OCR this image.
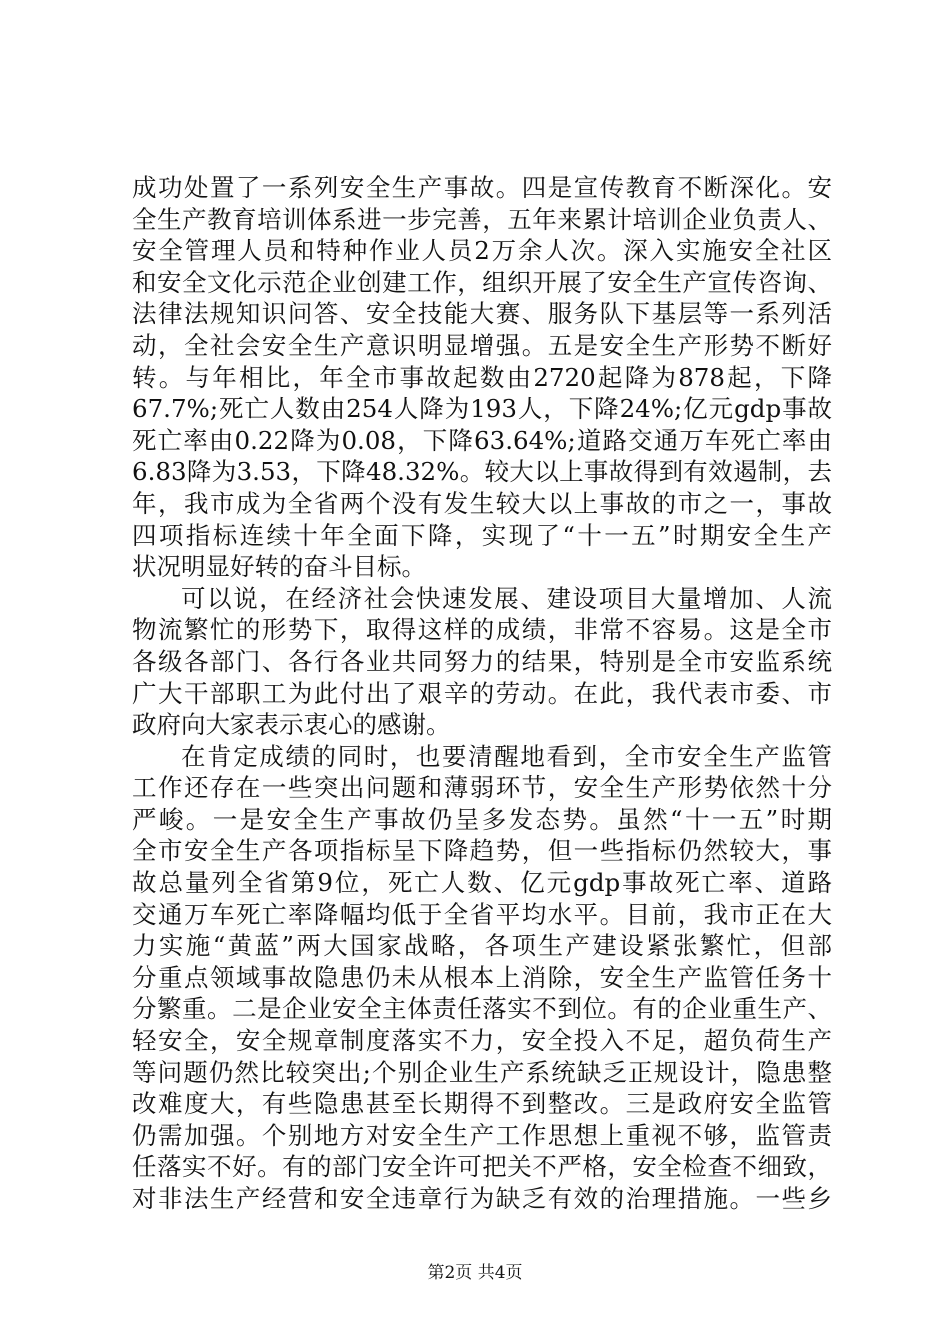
成功处置了一系列安全生产事故。四是宣传教育不断深化。安
全生产教育培训体系进一步完善，五年来累计培训企业负责人、
安全管理人员和特种作业人员2万余人次。深入实施安全社区
和安全文化示范企业创建工作，组织开展了安全生产宣传咨询、
法律法规知识问答、安全技能大赛、服务队下基层等一系列活
动，全社会安全生产意识明显增强。五是安全生产形势不断好
转。与年相比，年全市事故起数由2720起降为878起，下降
67.7%;死亡人数由254人降为193人，下降24%;亿元gdp事故
死亡率由0.22降为0.08，下降63.64%;道路交通万车死亡率由
6.83降为3.53，下降48.32%。较大以上事故得到有效遏制，去
年，我市成为全省两个没有发生较大以上事故的市之一，事故
四项指标连续十年全面下降，实现了“十一五”时期安全生产
状况明显好转的奋斗目标。
可以说，在经济社会快速发展、建设项目大量增加、人流
物流繁忙的形势下，取得这样的成绩，非常不容易。这是全市
各级各部门、各行各业共同努力的结果，特别是全市安监系统
广大干部职工为此付出了艰辛的劳动。在此，我代表市委、市
政府向大家表示衷心的感谢。
在肯定成绩的同时，也要清醒地看到，全市安全生产监管
工作还存在一些突出问题和薄弱环节，安全生产形势依然十分
严峻。一是安全生产事故仍呈多发态势。虽然“十一五”时期
全市安全生产各项指标呈下降趋势，但一些指标仍然较大，事
故总量列全省第9位，死亡人数、亿元gdp事故死亡率、道路
交通万车死亡率降幅均低于全省平均水平。目前，我市正在大
力实施“黄蓝”两大国家战略，各项生产建设紧张繁忙，但部
分重点领域事故隐患仍未从根本上消除，安全生产监管任务十
分繁重。二是企业安全主体责任落实不到位。有的企业重生产、
轻安全，安全规章制度落实不力，安全投入不足，超负荷生产
等问题仍然比较突出;个别企业生产系统缺乏正规设计，隐患整
改难度大，有些隐患甚至长期得不到整改。三是政府安全监管
仍需加强。个别地方对安全生产工作思想上重视不够，监管责
任落实不好。有的部门安全许可把关不严格，安全检查不细致，
对非法生产经营和安全违章行为缺乏有效的治理措施。一些乡
第2页 共4页
